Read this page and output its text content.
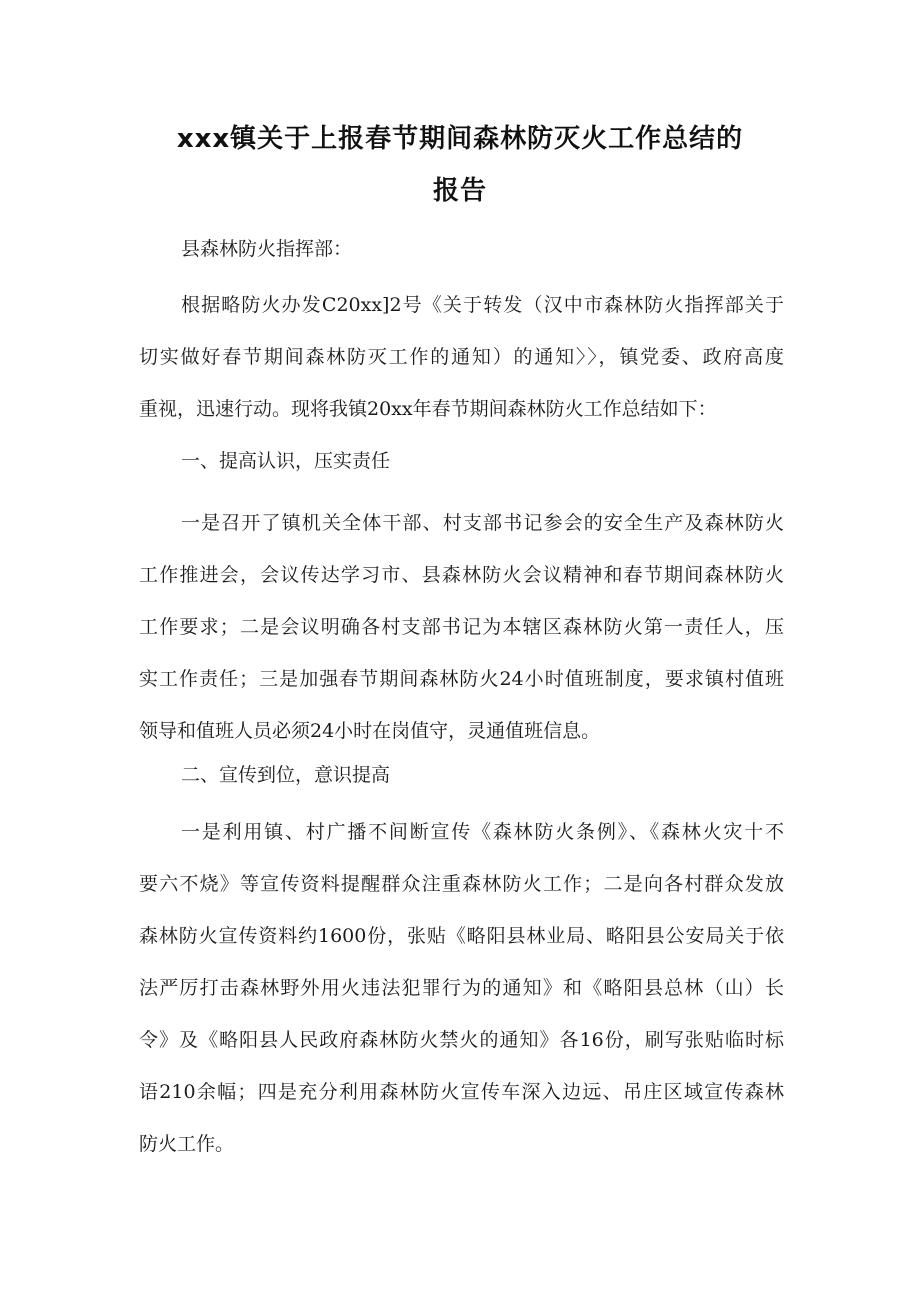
xxx镇关于上报春节期间森林防灭火工作总结的
报告
县森林防火指挥部：
根据略防火办发C20xx]2号《关于转发（汉中市森林防火指挥部关于
切实做好春节期间森林防灭工作的通知）的通知〉〉，镇党委、政府高度
重视，迅速行动。现将我镇20xx年春节期间森林防火工作总结如下：
一、提高认识，压实责任
一是召开了镇机关全体干部、村支部书记参会的安全生产及森林防火
工作推进会，会议传达学习市、县森林防火会议精神和春节期间森林防火
工作要求；二是会议明确各村支部书记为本辖区森林防火第一责任人，压
实工作责任；三是加强春节期间森林防火24小时值班制度，要求镇村值班
领导和值班人员必须24小时在岗值守，灵通值班信息。
二、宣传到位，意识提高
一是利用镇、村广播不间断宣传《森林防火条例》、《森林火灾十不
要六不烧》等宣传资料提醒群众注重森林防火工作；二是向各村群众发放
森林防火宣传资料约1600份，张贴《略阳县林业局、略阳县公安局关于依
法严厉打击森林野外用火违法犯罪行为的通知》和《略阳县总林（山）长
令》及《略阳县人民政府森林防火禁火的通知》各16份，刷写张贴临时标
语210余幅；四是充分利用森林防火宣传车深入边远、吊庄区域宣传森林
防火工作。
